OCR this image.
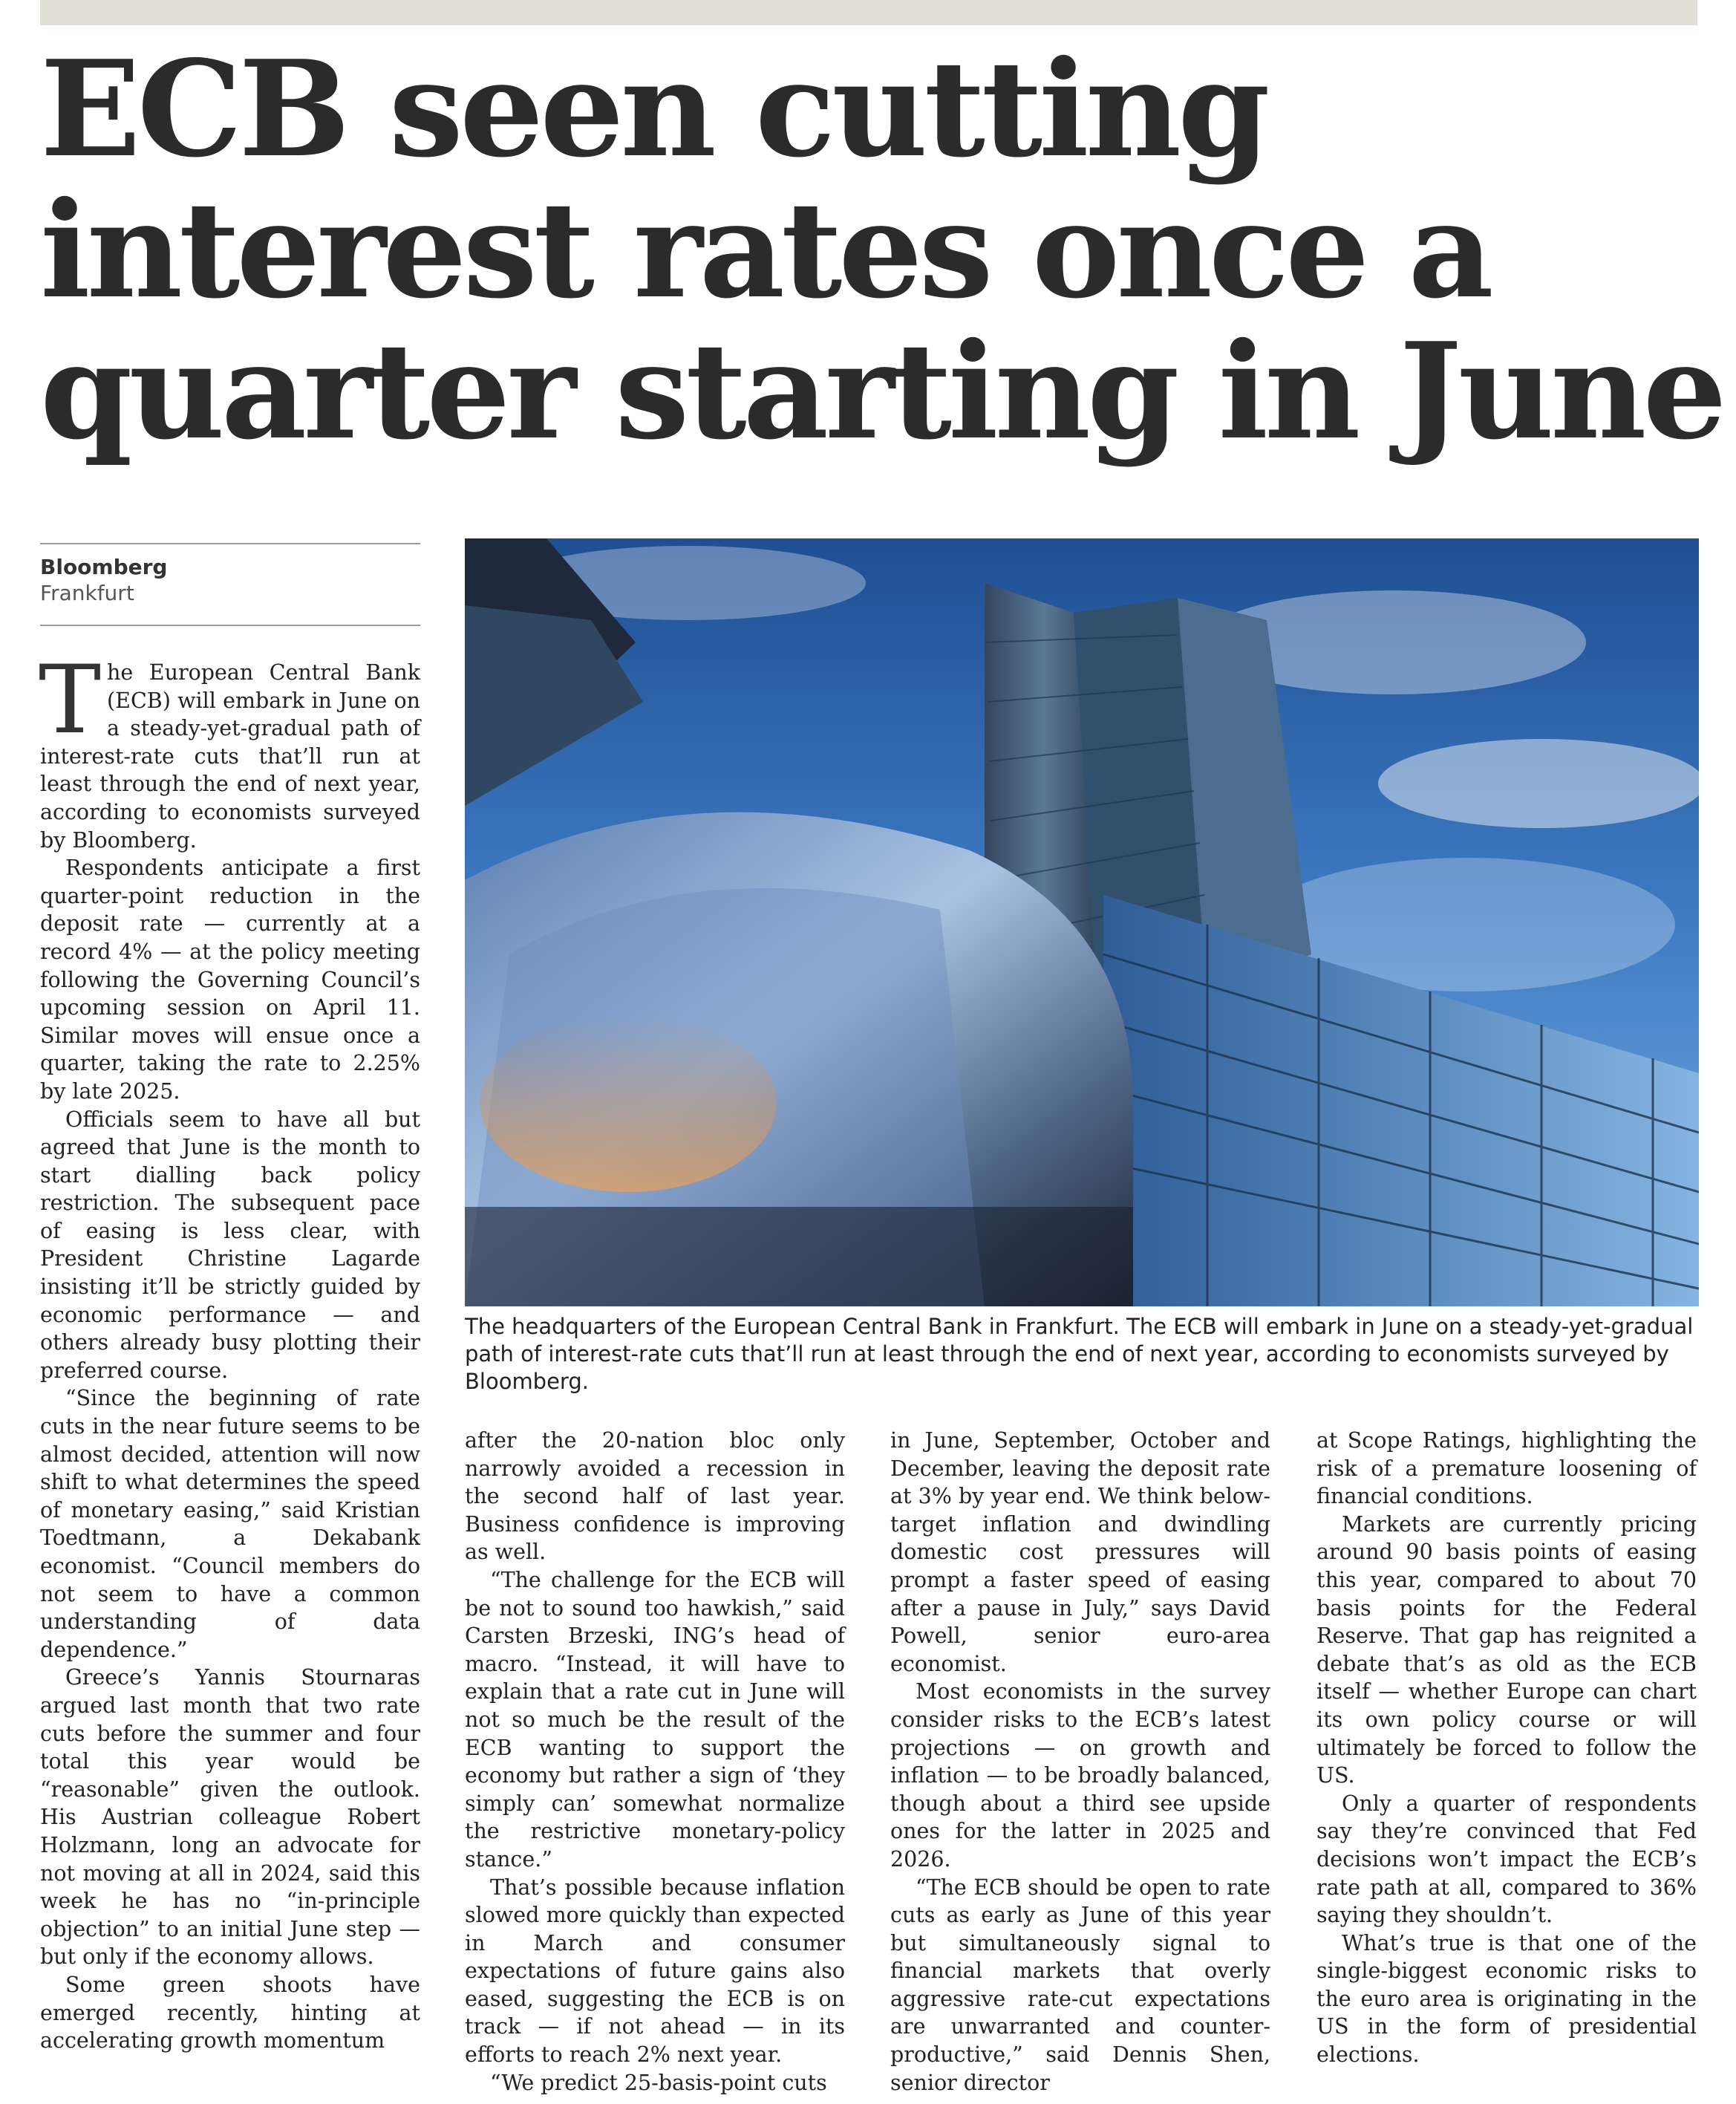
ECB seen cutting
interest rates once a
quarter starting in June
Bloomberg
Frankfurt
The headquarters of the European Central Bank in Frankfurt. The ECB will embark in June on a steady-yet-gradual path of interest-rate cuts that’ll run at least through the end of next year, according to economists surveyed by Bloomberg.

The European Central Bank (ECB) will embark in June on a steady-yet-gradual path of interest-rate cuts that’ll run at least through the end of next year, according to economists surveyed by Bloomberg.

Respondents anticipate a first quarter-point reduction in the deposit rate — currently at a record 4% — at the policy meeting following the Governing Council’s upcoming session on April 11. Similar moves will ensue once a quarter, taking the rate to 2.25% by late 2025.

Officials seem to have all but agreed that June is the month to start dialling back policy restriction. The subsequent pace of easing is less clear, with President Christine Lagarde insisting it’ll be strictly guided by economic performance — and others already busy plotting their preferred course.

“Since the beginning of rate cuts in the near future seems to be almost decided, attention will now shift to what determines the speed of monetary easing,” said Kristian Toedtmann, a Dekabank economist. “Council members do not seem to have a common understanding of data dependence.”

Greece’s Yannis Stournaras argued last month that two rate cuts before the summer and four total this year would be “reasonable” given the outlook. His Austrian colleague Robert Holzmann, long an advocate for not moving at all in 2024, said this week he has no “in-principle objection” to an initial June step — but only if the economy allows.

Some green shoots have emerged recently, hinting at accelerating growth momentum

after the 20-nation bloc only narrowly avoided a recession in the second half of last year. Business confidence is improving as well.

“The challenge for the ECB will be not to sound too hawkish,” said Carsten Brzeski, ING’s head of macro. “Instead, it will have to explain that a rate cut in June will not so much be the result of the ECB wanting to support the economy but rather a sign of ‘they simply can’ somewhat normalize the restrictive monetary-policy stance.”

That’s possible because inflation slowed more quickly than expected in March and consumer expectations of future gains also eased, suggesting the ECB is on track — if not ahead — in its efforts to reach 2% next year.

“We predict 25-basis-point cuts

in June, September, October and December, leaving the deposit rate at 3% by year end. We think below-target inflation and dwindling domestic cost pressures will prompt a faster speed of easing after a pause in July,” says David Powell, senior euro-area economist.

Most economists in the survey consider risks to the ECB’s latest projections — on growth and inflation — to be broadly balanced, though about a third see upside ones for the latter in 2025 and 2026.

“The ECB should be open to rate cuts as early as June of this year but simultaneously signal to financial markets that overly aggressive rate-cut expectations are unwarranted and counter-productive,” said Dennis Shen, senior director

at Scope Ratings, highlighting the risk of a premature loosening of financial conditions.

Markets are currently pricing around 90 basis points of easing this year, compared to about 70 basis points for the Federal Reserve. That gap has reignited a debate that’s as old as the ECB itself — whether Europe can chart its own policy course or will ultimately be forced to follow the US.

Only a quarter of respondents say they’re convinced that Fed decisions won’t impact the ECB’s rate path at all, compared to 36% saying they shouldn’t.

What’s true is that one of the single-biggest economic risks to the euro area is originating in the US in the form of presidential elections.
